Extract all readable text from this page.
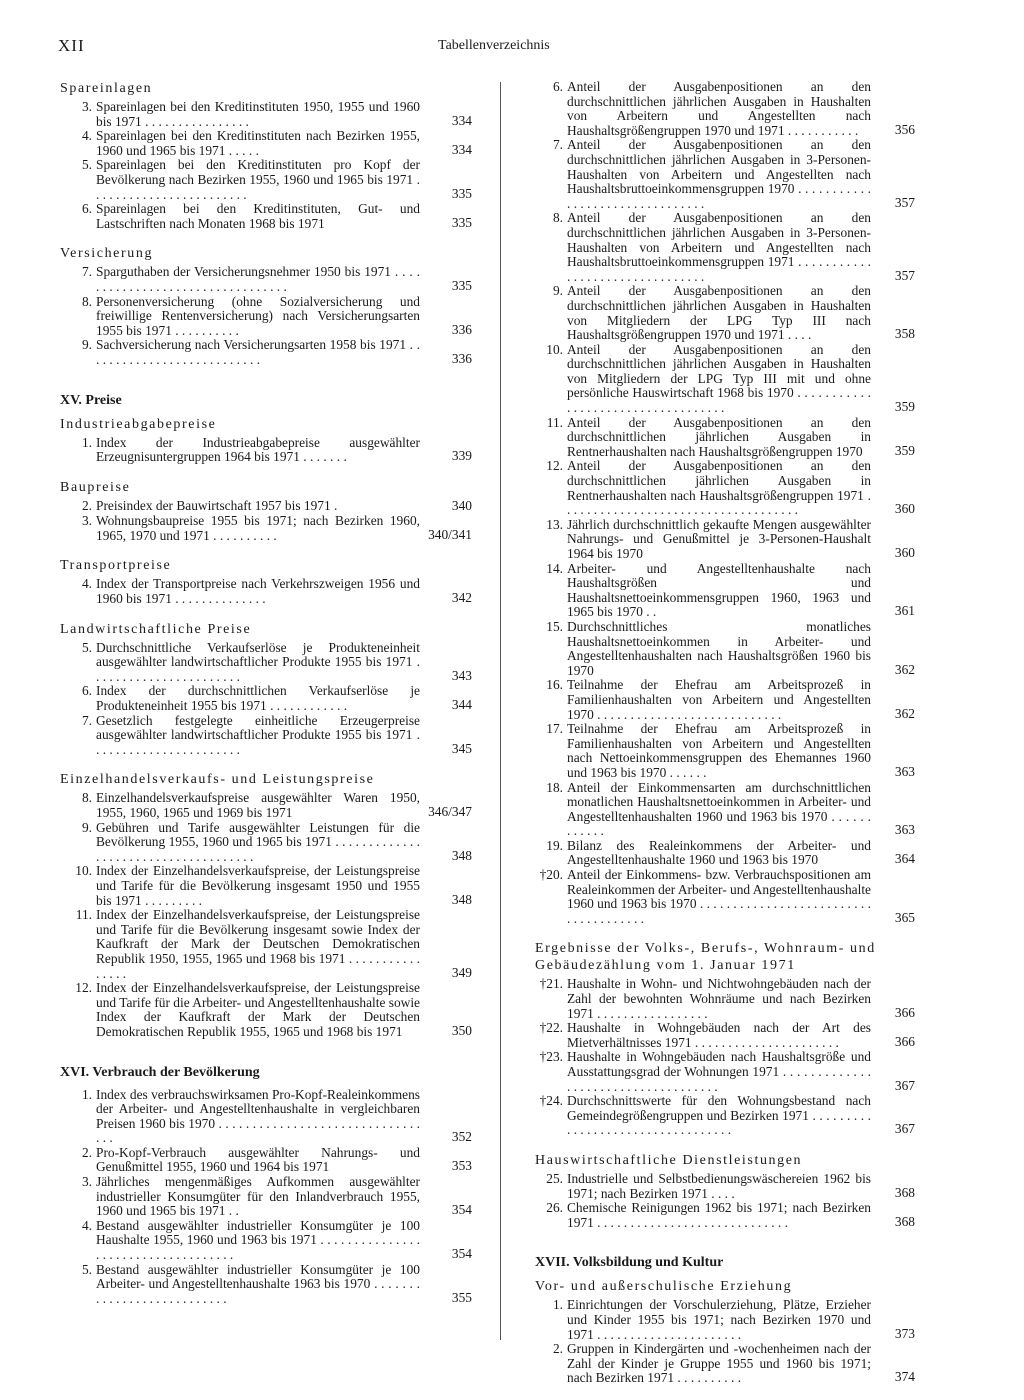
XII	Tabellenverzeichnis
Spareinlagen
3. Spareinlagen bei den Kreditinstituten 1950, 1955 und 1960 bis 1971 . . . . . . . . . . . . . . . .	334
4. Spareinlagen bei den Kreditinstituten nach Bezirken 1955, 1960 und 1965 bis 1971 . . . . .	334
5. Spareinlagen bei den Kreditinstituten pro Kopf der Bevölkerung nach Bezirken 1955, 1960 und 1965 bis 1971 . . . . . . . . . . . . . . . . . . . . . . . .	335
6. Spareinlagen bei den Kreditinstituten, Gut- und Lastschriften nach Monaten 1968 bis 1971	335
Versicherung
7. Sparguthaben der Versicherungsnehmer 1950 bis 1971 . . . . . . . . . . . . . . . . . . . . . . . . . . . . . . . . .	335
8. Personenversicherung (ohne Sozialversicherung und freiwillige Rentenversicherung) nach Versicherungsarten 1955 bis 1971 . . . . . . . . . .	336
9. Sachversicherung nach Versicherungsarten 1958 bis 1971 . . . . . . . . . . . . . . . . . . . . . . . . . . .	336
XV. Preise
Industrieabgabepreise
1. Index der Industrieabgabepreise ausgewählter Erzeugnisuntergruppen 1964 bis 1971 . . . . . . .	339
Baupreise
2. Preisindex der Bauwirtschaft 1957 bis 1971 .	340
3. Wohnungsbaupreise 1955 bis 1971; nach Bezirken 1960, 1965, 1970 und 1971 . . . . . . . . . .	340/341
Transportpreise
4. Index der Transportpreise nach Verkehrszweigen 1956 und 1960 bis 1971 . . . . . . . . . . . . . .	342
Landwirtschaftliche Preise
5. Durchschnittliche Verkaufserlöse je Produkteneinheit ausgewählter landwirtschaftlicher Produkte 1955 bis 1971 . . . . . . . . . . . . . . . . . . . . . . .	343
6. Index der durchschnittlichen Verkaufserlöse je Produkteneinheit 1955 bis 1971 . . . . . . . . . . . .	344
7. Gesetzlich festgelegte einheitliche Erzeugerpreise ausgewählter landwirtschaftlicher Produkte 1955 bis 1971 . . . . . . . . . . . . . . . . . . . . . . .	345
Einzelhandelsverkaufs- und Leistungspreise
8. Einzelhandelsverkaufspreise ausgewählter Waren 1950, 1955, 1960, 1965 und 1969 bis 1971	346/347
9. Gebühren und Tarife ausgewählter Leistungen für die Bevölkerung 1955, 1960 und 1965 bis 1971 . . . . . . . . . . . . . . . . . . . . . . . . . . . . . . . . . . . . .	348
10. Index der Einzelhandelsverkaufspreise, der Leistungspreise und Tarife für die Bevölkerung insgesamt 1950 und 1955 bis 1971 . . . . . . . . .	348
11. Index der Einzelhandelsverkaufspreise, der Leistungspreise und Tarife für die Bevölkerung insgesamt sowie Index der Kaufkraft der Mark der Deutschen Demokratischen Republik 1950, 1955, 1965 und 1968 bis 1971 . . . . . . . . . . . . . . . .	349
12. Index der Einzelhandelsverkaufspreise, der Leistungspreise und Tarife für die Arbeiter- und Angestelltenhaushalte sowie Index der Kaufkraft der Mark der Deutschen Demokratischen Republik 1955, 1965 und 1968 bis 1971	350
XVI. Verbrauch der Bevölkerung
1. Index des verbrauchswirksamen Pro-Kopf-Realeinkommens der Arbeiter- und Angestelltenhaushalte in vergleichbaren Preisen 1960 bis 1970 . . . . . . . . . . . . . . . . . . . . . . . . . . . . . . . . .	352
2. Pro-Kopf-Verbrauch ausgewählter Nahrungs- und Genußmittel 1955, 1960 und 1964 bis 1971	353
3. Jährliches mengenmäßiges Aufkommen ausgewählter industrieller Konsumgüter für den Inlandverbrauch 1955, 1960 und 1965 bis 1971 . .	354
4. Bestand ausgewählter industrieller Konsumgüter je 100 Haushalte 1955, 1960 und 1963 bis 1971 . . . . . . . . . . . . . . . . . . . . . . . . . . . . . . . . . . . .	354
5. Bestand ausgewählter industrieller Konsumgüter je 100 Arbeiter- und Angestelltenhaushalte 1963 bis 1970 . . . . . . . . . . . . . . . . . . . . . . . . . . .	355
6. Anteil der Ausgabenpositionen an den durchschnittlichen jährlichen Ausgaben in Haushalten von Arbeitern und Angestellten nach Haushaltsgrößengruppen 1970 und 1971 . . . . . . . . . . .	356
7. Anteil der Ausgabenpositionen an den durchschnittlichen jährlichen Ausgaben in 3-Personen-Haushalten von Arbeitern und Angestellten nach Haushaltsbruttoeinkommensgruppen 1970 . . . . . . . . . . . . . . . . . . . . . . . . . . . . . . . .	357
8. Anteil der Ausgabenpositionen an den durchschnittlichen jährlichen Ausgaben in 3-Personen-Haushalten von Arbeitern und Angestellten nach Haushaltsbruttoeinkommensgruppen 1971 . . . . . . . . . . . . . . . . . . . . . . . . . . . . . . . .	357
9. Anteil der Ausgabenpositionen an den durchschnittlichen jährlichen Ausgaben in Haushalten von Mitgliedern der LPG Typ III nach Haushaltsgrößengruppen 1970 und 1971 . . . .	358
10. Anteil der Ausgabenpositionen an den durchschnittlichen jährlichen Ausgaben in Haushalten von Mitgliedern der LPG Typ III mit und ohne persönliche Hauswirtschaft 1968 bis 1970 . . . . . . . . . . . . . . . . . . . . . . . . . . . . . . . . . . .	359
11. Anteil der Ausgabenpositionen an den durchschnittlichen jährlichen Ausgaben in Rentnerhaushalten nach Haushaltsgrößengruppen 1970	359
12. Anteil der Ausgabenpositionen an den durchschnittlichen jährlichen Ausgaben in Rentnerhaushalten nach Haushaltsgrößengruppen 1971 . . . . . . . . . . . . . . . . . . . . . . . . . . . . . . . . . . . .	360
13. Jährlich durchschnittlich gekaufte Mengen ausgewählter Nahrungs- und Genußmittel je 3-Personen-Haushalt 1964 bis 1970	360
14. Arbeiter- und Angestelltenhaushalte nach Haushaltsgrößen und Haushaltsnettoeinkommensgruppen 1960, 1963 und 1965 bis 1970 . .	361
15. Durchschnittliches monatliches Haushaltsnettoeinkommen in Arbeiter- und Angestelltenhaushalten nach Haushaltsgrößen 1960 bis 1970	362
16. Teilnahme der Ehefrau am Arbeitsprozeß in Familienhaushalten von Arbeitern und Angestellten 1970 . . . . . . . . . . . . . . . . . . . . . . . . . . . .	362
17. Teilnahme der Ehefrau am Arbeitsprozeß in Familienhaushalten von Arbeitern und Angestellten nach Nettoeinkommensgruppen des Ehemannes 1960 und 1963 bis 1970 . . . . . .	363
18. Anteil der Einkommensarten am durchschnittlichen monatlichen Haushaltsnettoeinkommen in Arbeiter- und Angestelltenhaushalten 1960 und 1963 bis 1970 . . . . . . . . . . . .	363
19. Bilanz des Realeinkommens der Arbeiter- und Angestelltenhaushalte 1960 und 1963 bis 1970	364
†20. Anteil der Einkommens- bzw. Verbrauchspositionen am Realeinkommen der Arbeiter- und Angestelltenhaushalte 1960 und 1963 bis 1970 . . . . . . . . . . . . . . . . . . . . . . . . . . . . . . . . . . . . . .	365
Ergebnisse der Volks-, Berufs-, Wohnraum- und Gebäudezählung vom 1. Januar 1971
†21. Haushalte in Wohn- und Nichtwohngebäuden nach der Zahl der bewohnten Wohnräume und nach Bezirken 1971 . . . . . . . . . . . . . . . . .	366
†22. Haushalte in Wohngebäuden nach der Art des Mietverhältnisses 1971 . . . . . . . . . . . . . . . . . . . . . .	366
†23. Haushalte in Wohngebäuden nach Haushaltsgröße und Ausstattungsgrad der Wohnungen 1971 . . . . . . . . . . . . . . . . . . . . . . . . . . . . . . . . . . . .	367
†24. Durchschnittswerte für den Wohnungsbestand nach Gemeindegrößengruppen und Bezirken 1971 . . . . . . . . . . . . . . . . . . . . . . . . . . . . . . . . . .	367
Hauswirtschaftliche Dienstleistungen
25. Industrielle und Selbstbedienungswäschereien 1962 bis 1971; nach Bezirken 1971 . . . .	368
26. Chemische Reinigungen 1962 bis 1971; nach Bezirken 1971 . . . . . . . . . . . . . . . . . . . . . . . . . . . . .	368
XVII. Volksbildung und Kultur
Vor- und außerschulische Erziehung
1. Einrichtungen der Vorschulerziehung, Plätze, Erzieher und Kinder 1955 bis 1971; nach Bezirken 1970 und 1971 . . . . . . . . . . . . . . . . . . . . . .	373
2. Gruppen in Kindergärten und -wochenheimen nach der Zahl der Kinder je Gruppe 1955 und 1960 bis 1971; nach Bezirken 1971 . . . . . . . . . .	374
